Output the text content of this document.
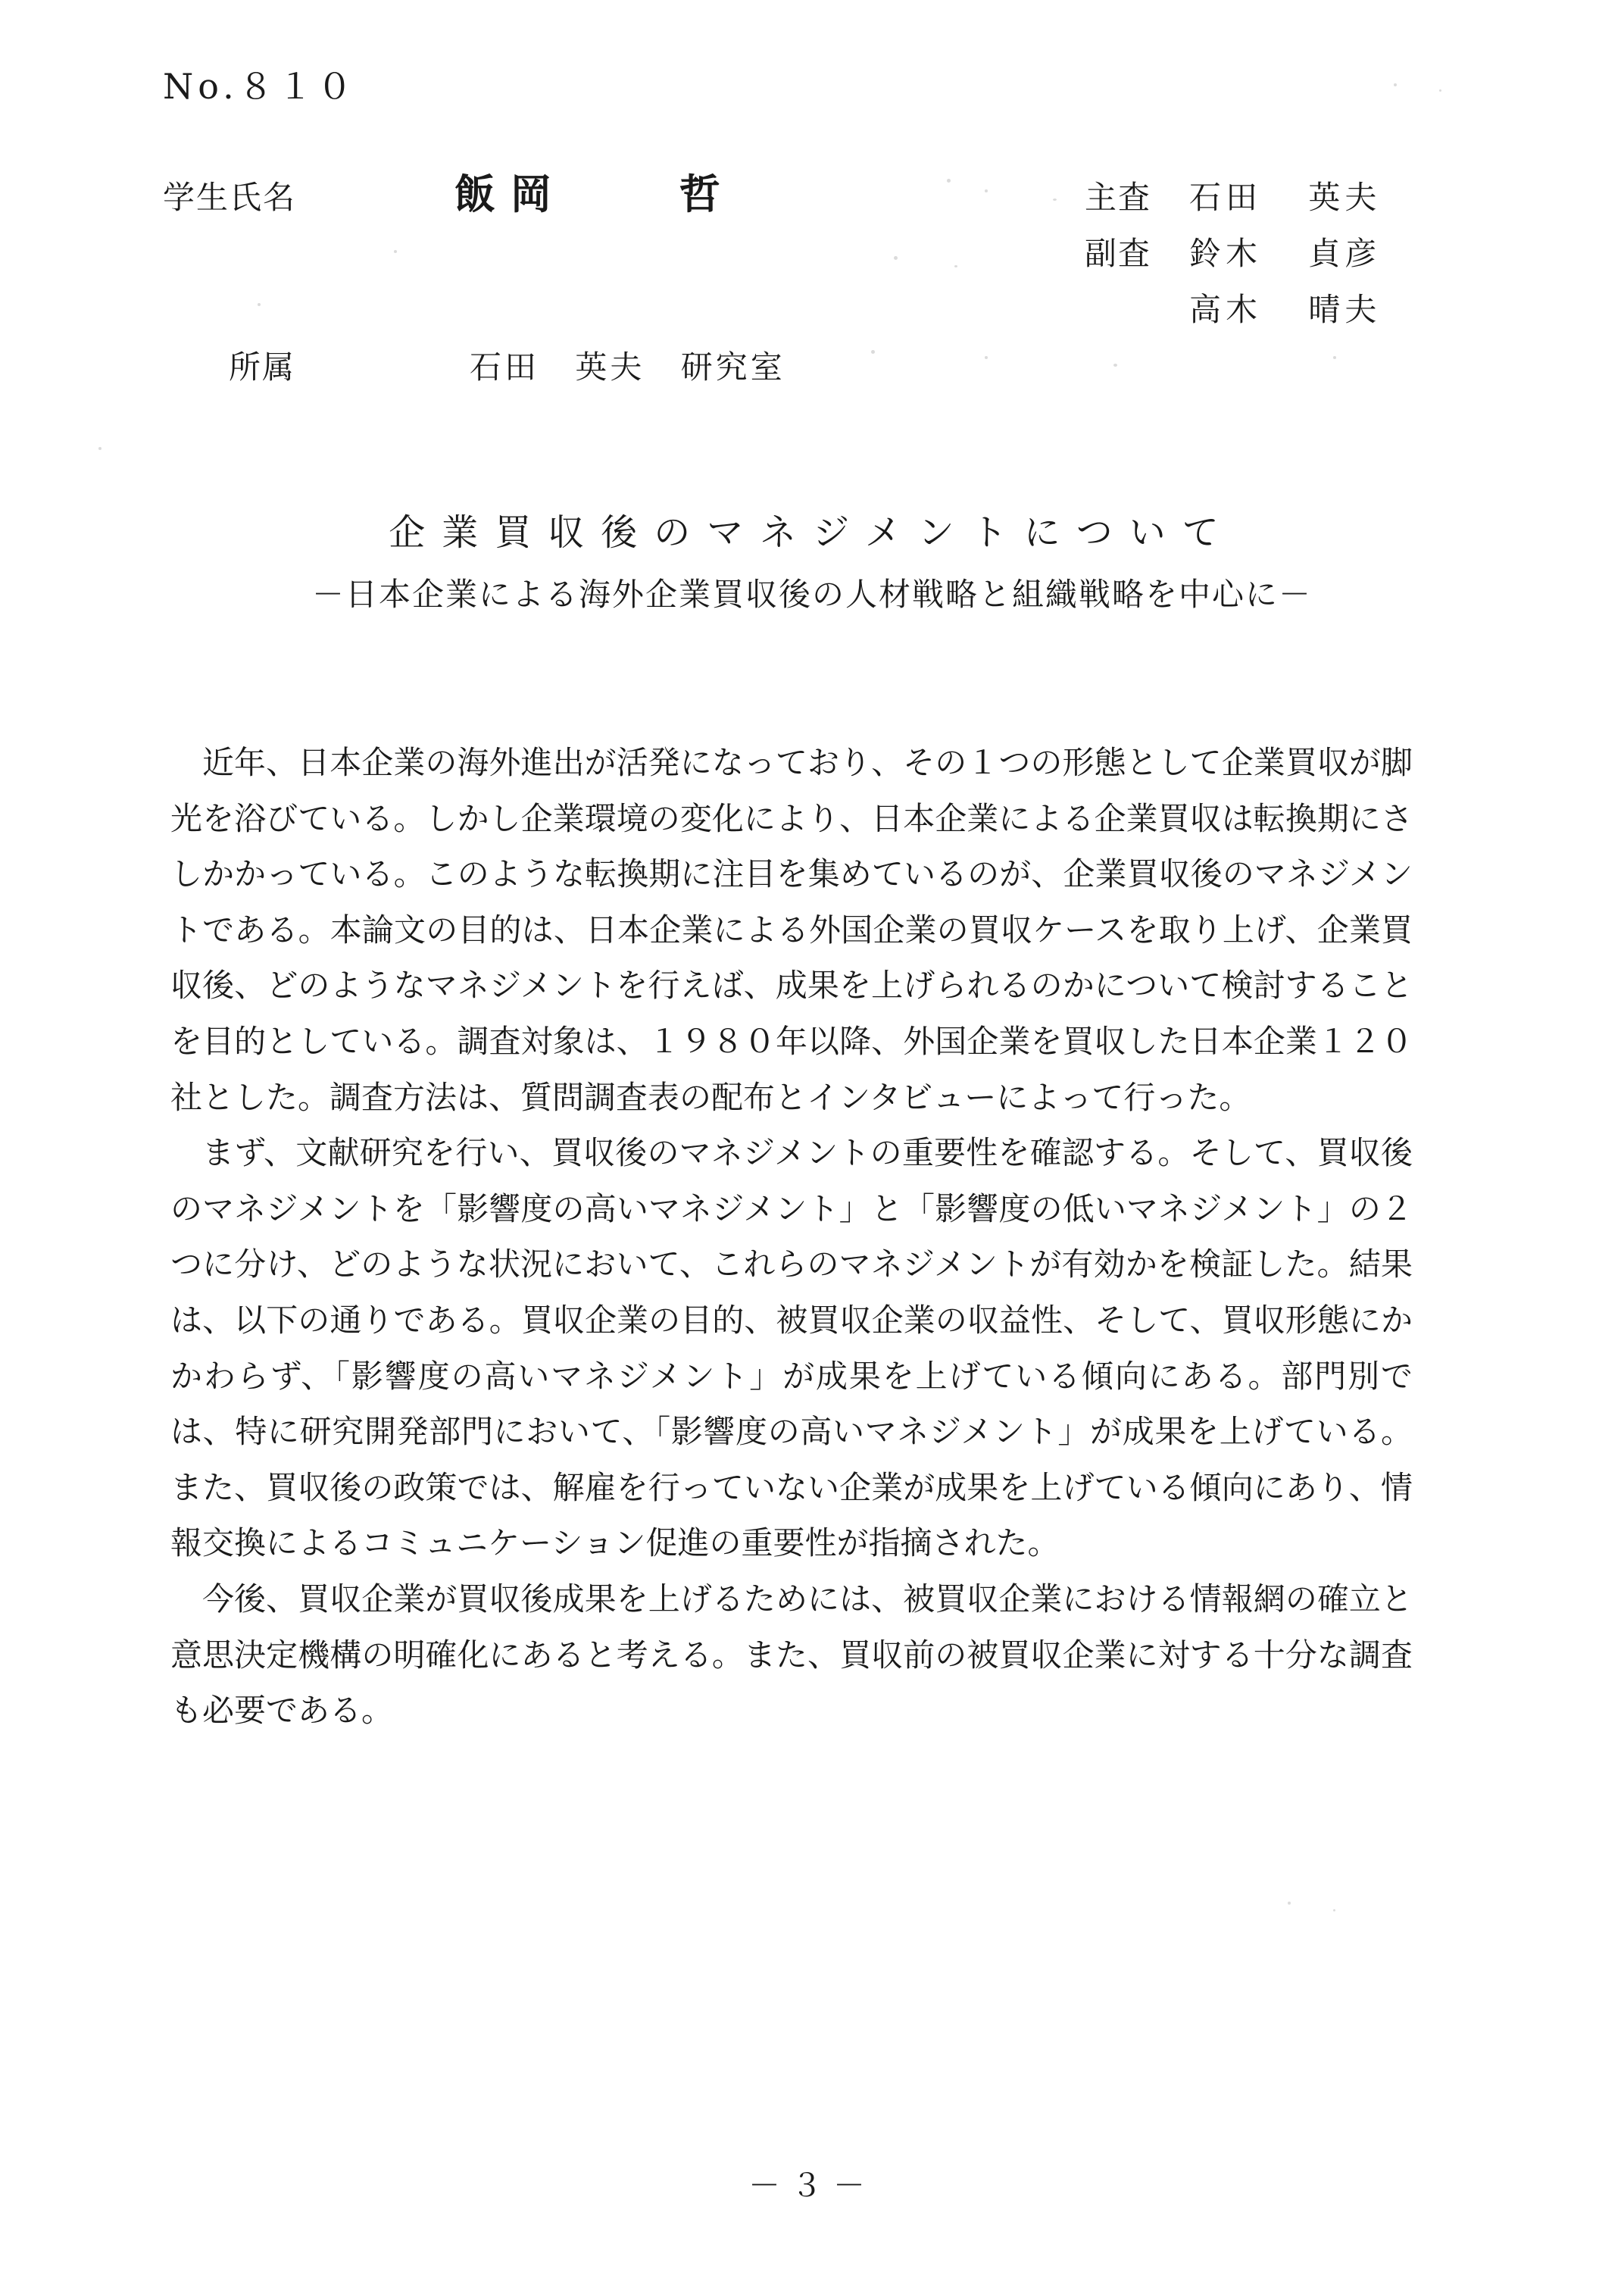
No.８１０
学生氏名	飯岡 哲	主査	石田 英夫
副査	鈴木 貞彦
高木 晴夫
所属	石田 英夫 研究室
企業買収後のマネジメントについて
－日本企業による海外企業買収後の人材戦略と組織戦略を中心に－

近年、日本企業の海外進出が活発になっており、その１つの形態として企業買収が脚光を浴びている。しかし企業環境の変化により、日本企業による企業買収は転換期にさしかかっている。このような転換期に注目を集めているのが、企業買収後のマネジメントである。本論文の目的は、日本企業による外国企業の買収ケースを取り上げ、企業買収後、どのようなマネジメントを行えば、成果を上げられるのかについて検討することを目的としている。調査対象は、１９８０年以降、外国企業を買収した日本企業１２０社とした。調査方法は、質問調査表の配布とインタビューによって行った。

まず、文献研究を行い、買収後のマネジメントの重要性を確認する。そして、買収後のマネジメントを「影響度の高いマネジメント」と「影響度の低いマネジメント」の２つに分け、どのような状況において、これらのマネジメントが有効かを検証した。結果は、以下の通りである。買収企業の目的、被買収企業の収益性、そして、買収形態にかかわらず、「影響度の高いマネジメント」が成果を上げている傾向にある。部門別では、特に研究開発部門において、「影響度の高いマネジメント」が成果を上げている。また、買収後の政策では、解雇を行っていない企業が成果を上げている傾向にあり、情報交換によるコミュニケーション促進の重要性が指摘された。

今後、買収企業が買収後成果を上げるためには、被買収企業における情報網の確立と意思決定機構の明確化にあると考える。また、買収前の被買収企業に対する十分な調査も必要である。

－３－
